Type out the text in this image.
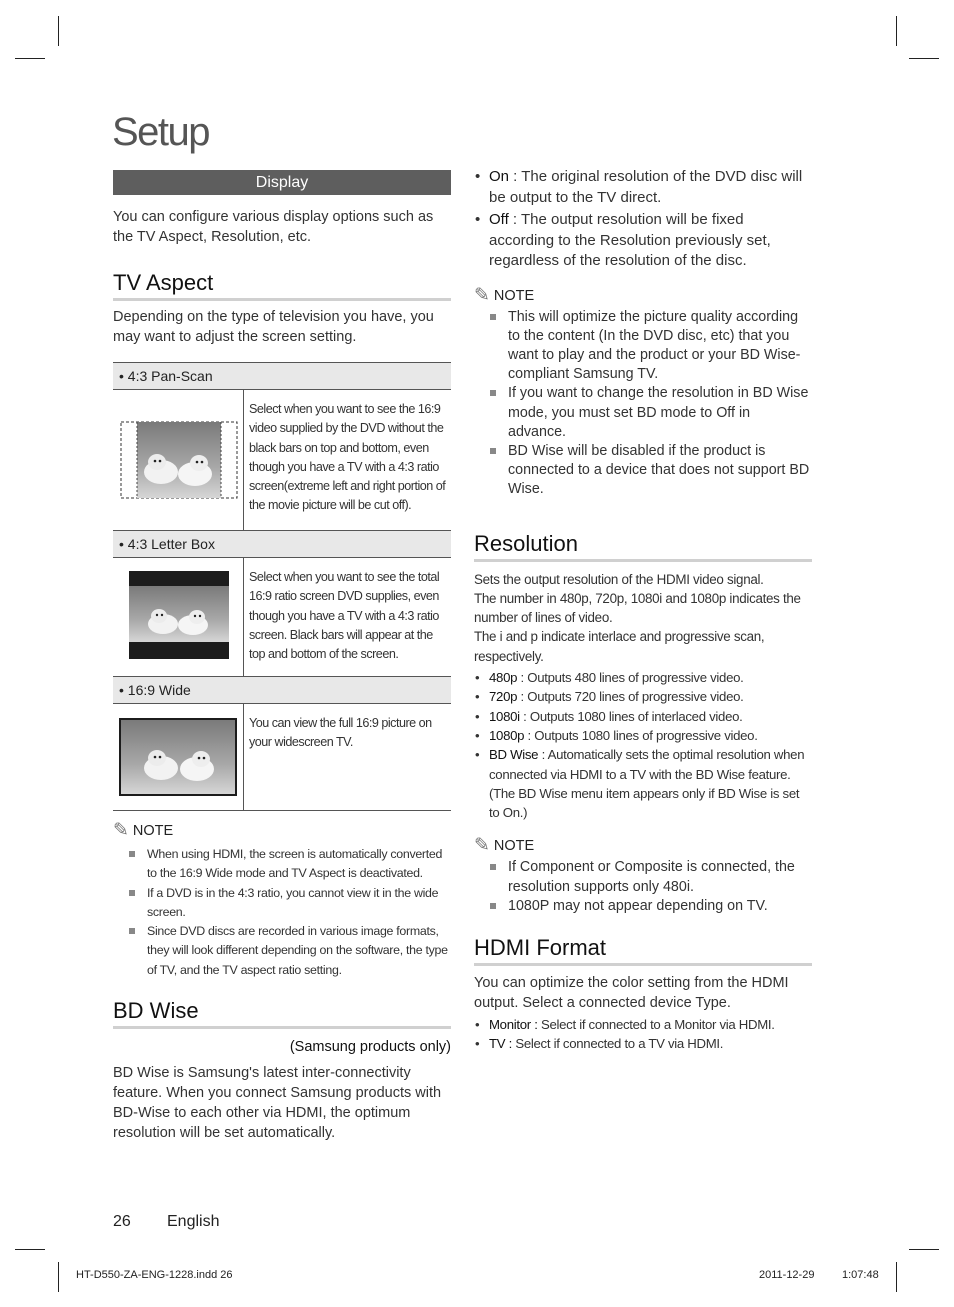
Setup
Display

You can configure various display options such as the TV Aspect, Resolution, etc.

TV Aspect

Depending on the type of television you have, you may want to adjust the screen setting.

• 4:3 Pan-Scan

Select when you want to see the 16:9 video supplied by the DVD without the black bars on top and bottom, even though you have a TV with a 4:3 ratio screen(extreme left and right portion of the movie picture will be cut off).

• 4:3 Letter Box

Select when you want to see the total 16:9 ratio screen DVD supplies, even though you have a TV with a 4:3 ratio screen. Black bars will appear at the top and bottom of the screen.

• 16:9 Wide

You can view the full 16:9 picture on your widescreen TV.

✎ NOTE
When using HDMI, the screen is automatically converted to the 16:9 Wide mode and TV Aspect is deactivated.
If a DVD is in the 4:3 ratio, you cannot view it in the wide screen.
Since DVD discs are recorded in various image formats, they will look different depending on the software, the type of TV, and the TV aspect ratio setting.
BD Wise

(Samsung products only)

BD Wise is Samsung's latest inter-connectivity feature. When you connect Samsung products with BD-Wise to each other via HDMI, the optimum resolution will be set automatically.

• On : The original resolution of the DVD disc will be output to the TV direct.
• Off : The output resolution will be fixed according to the Resolution previously set, regardless of the resolution of the disc.
✎ NOTE
This will optimize the picture quality according to the content (In the DVD disc, etc) that you want to play and the product or your BD Wise-compliant Samsung TV.
If you want to change the resolution in BD Wise mode, you must set BD mode to Off in advance.
BD Wise will be disabled if the product is connected to a device that does not support BD Wise.
Resolution

Sets the output resolution of the HDMI video signal.

The number in 480p, 720p, 1080i and 1080p indicates the number of lines of video.

The i and p indicate interlace and progressive scan, respectively.

• 480p : Outputs 480 lines of progressive video.
• 720p : Outputs 720 lines of progressive video.
• 1080i : Outputs 1080 lines of interlaced video.
• 1080p : Outputs 1080 lines of progressive video.
• BD Wise : Automatically sets the optimal resolution when connected via HDMI to a TV with the BD Wise feature. (The BD Wise menu item appears only if BD Wise is set to On.)
✎ NOTE
If Component or Composite is connected, the resolution supports only 480i.
1080P may not appear depending on TV.
HDMI Format

You can optimize the color setting from the HDMI output. Select a connected device Type.

• Monitor : Select if connected to a Monitor via HDMI.
• TV : Select if connected to a TV via HDMI.
26 English
HT-D550-ZA-ENG-1228.indd 26	2011-12-29	1:07:48
